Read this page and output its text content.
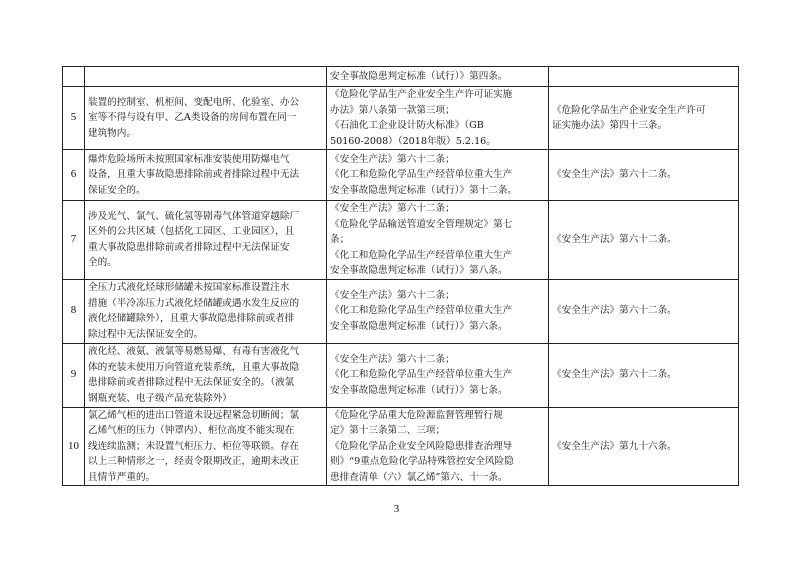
		安全事故隐患判定标准（试行）》第四条。	

5	装置的控制室、机柜间、变配电所、化验室、办公
室等不得与设有甲、乙A类设备的房间布置在同一
建筑物内。	《危险化学品生产企业安全生产许可证实施
办法》第八条第一款第三项；
《石油化工企业设计防火标准》（GB
50160-2008）（2018年版）5.2.16。	《危险化学品生产企业安全生产许可
证实施办法》第四十三条。

6	爆炸危险场所未按照国家标准安装使用防爆电气
设备，且重大事故隐患排除前或者排除过程中无法
保证安全的。	《安全生产法》第六十二条；
《化工和危险化学品生产经营单位重大生产
安全事故隐患判定标准（试行）》第十二条。	《安全生产法》第六十二条。

7	涉及光气、氯气、硫化氢等剧毒气体管道穿越除厂
区外的公共区域（包括化工园区、工业园区），且
重大事故隐患排除前或者排除过程中无法保证安
全的。	《安全生产法》第六十二条；
《危险化学品输送管道安全管理规定》第七
条；
《化工和危险化学品生产经营单位重大生产
安全事故隐患判定标准（试行）》第八条。	《安全生产法》第六十二条。

8	全压力式液化烃球形储罐未按国家标准设置注水
措施（半冷冻压力式液化烃储罐或遇水发生反应的
液化烃储罐除外），且重大事故隐患排除前或者排
除过程中无法保证安全的。	《安全生产法》第六十二条；
《化工和危险化学品生产经营单位重大生产
安全事故隐患判定标准（试行）》第六条。	《安全生产法》第六十二条。

9	液化烃、液氨、液氯等易燃易爆、有毒有害液化气
体的充装未使用万向管道充装系统，且重大事故隐
患排除前或者排除过程中无法保证安全的。（液氯
钢瓶充装、电子级产品充装除外）	《安全生产法》第六十二条；
《化工和危险化学品生产经营单位重大生产
安全事故隐患判定标准（试行）》第七条。	《安全生产法》第六十二条。

10	氯乙烯气柜的进出口管道未设远程紧急切断阀；氯
乙烯气柜的压力（钟罩内）、柜位高度不能实现在
线连续监测；未设置气柜压力、柜位等联锁。存在
以上三种情形之一，经责令限期改正，逾期未改正
且情节严重的。	《危险化学品重大危险源监督管理暂行规
定》第十三条第二、三项；
《危险化学品企业安全风险隐患排查治理导
则》“9重点危险化学品特殊管控安全风险隐
患排查清单（六）氯乙烯”第六、十一条。	《安全生产法》第九十六条。
3
